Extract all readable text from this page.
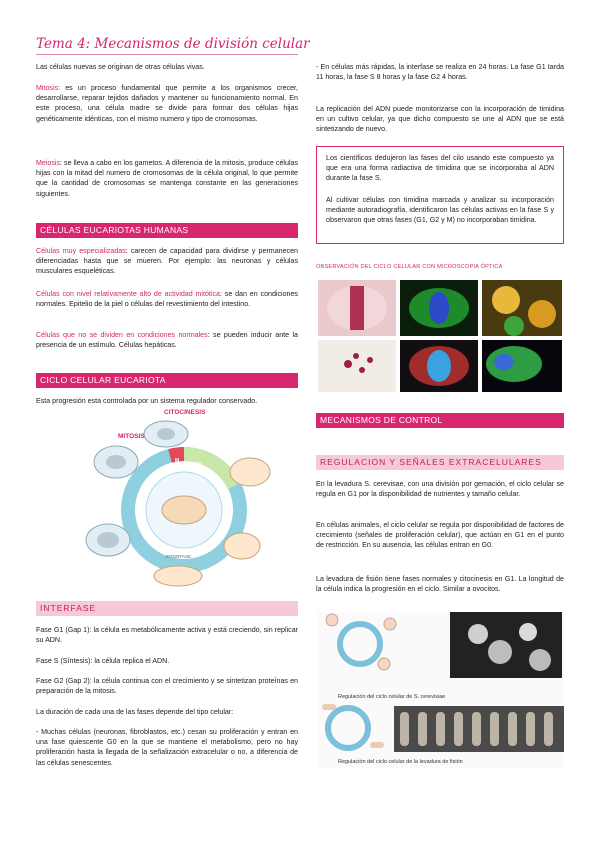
Tema 4: Mecanismos de división celular
Las células nuevas se originan de otras células vivas.
Mitosis: es un proceso fundamental que permite a los organismos crecer, desarrollarse, reparar tejidos dañados y mantener su funcionamiento normal. En este proceso, una célula madre se divide para formar dos células hijas genéticamente idénticas, con el mismo numero y tipo de cromosomas.
Meiosis: se lleva a cabo en los gametos. A diferencia de la mitosis, produce células hijas con la mitad del numero de cromosomas de la célula original, lo que permite que la cantidad de cromosomas se mantenga constante en las generaciones siguientes.
CÉLULAS EUCARIOTAS HUMANAS
Células muy especializadas: carecen de capacidad para dividirse y permanecen diferenciadas hasta que se mueren. Por ejemplo: las neuronas y células musculares esqueléticas.
Células con nivel relativamente alto de actividad mitótica: se dan en condiciones normales. Epitelio de la piel o células del revestimiento del intestino.
Células que no se dividen en condiciones normales: se pueden inducir ante la presencia de un estimulo. Células hepáticas.
CICLO CELULAR EUCARIOTA
Esta progresión esta controlada por un sistema regulador conservado.
CITOCINESIS
MITOSIS
G2
M
INTERFASE
INTERFASE
Fase G1 (Gap 1): la célula es metabólicamente activa y está creciendo, sin replicar su ADN.
Fase S (Síntesis): la célula replica el ADN.
Fase G2 (Gap 2): la célula continua con el crecimiento y se sintetizan proteínas en preparación de la mitosis.
La duración de cada una de las fases depende del tipo celular:
- Muchas células (neuronas, fibroblastos, etc.) cesan su proliferación y entran en una fase quiescente G0 en la que se mantiene el metabolismo, pero no hay proliferación hasta la llegada de la señalización extracelular o no, a diferencia de las células senescentes.
- En células más rápidas, la interfase se realiza en 24 horas. La fase G1 tarda 11 horas, la fase S 8 horas y la fase G2 4 horas.
La replicación del ADN puede monitorizarse con la incorporación de timidina en un cultivo celular, ya que dicho compuesto se une al ADN que se está sintetizando de nuevo.
Los científicos dedujeron las fases del cilo usando este compuesto ya que era una forma radiactiva de timidina que se incorporaba al ADN durante la fase S.
Al cultivar células con timidina marcada y analizar su incorporación mediante autoradiografía, identificaron las células activas en la fase S y observaron que otras fases (G1, G2 y M) no incorporaban timidina.
OBSERVACIÓN DEL CICLO CELULAR CON MICROSCOPIA ÓPTICA
MECANISMOS DE CONTROL
REGULACION Y SEÑALES EXTRACELULARES
En la levadura S. cerevisae, con una división por gemación, el ciclo celular se regula en G1 por la disponibilidad de nutrientes y tamaño celular.
En células animales, el ciclo celular se regula por disponibilidad de factores de crecimiento (señales de proliferación celular), que actúan en G1 en el punto de restricción. En su ausencia, las células entran en G0.
La levadura de fisión tiene fases normales y citocinesis en G1. La longitud de la célula indica la progresión en el ciclo. Similar a ovocitos.
Regulación del ciclo celular de S. cerevisiae
Regulación del ciclo celular de la levadura de fisión
